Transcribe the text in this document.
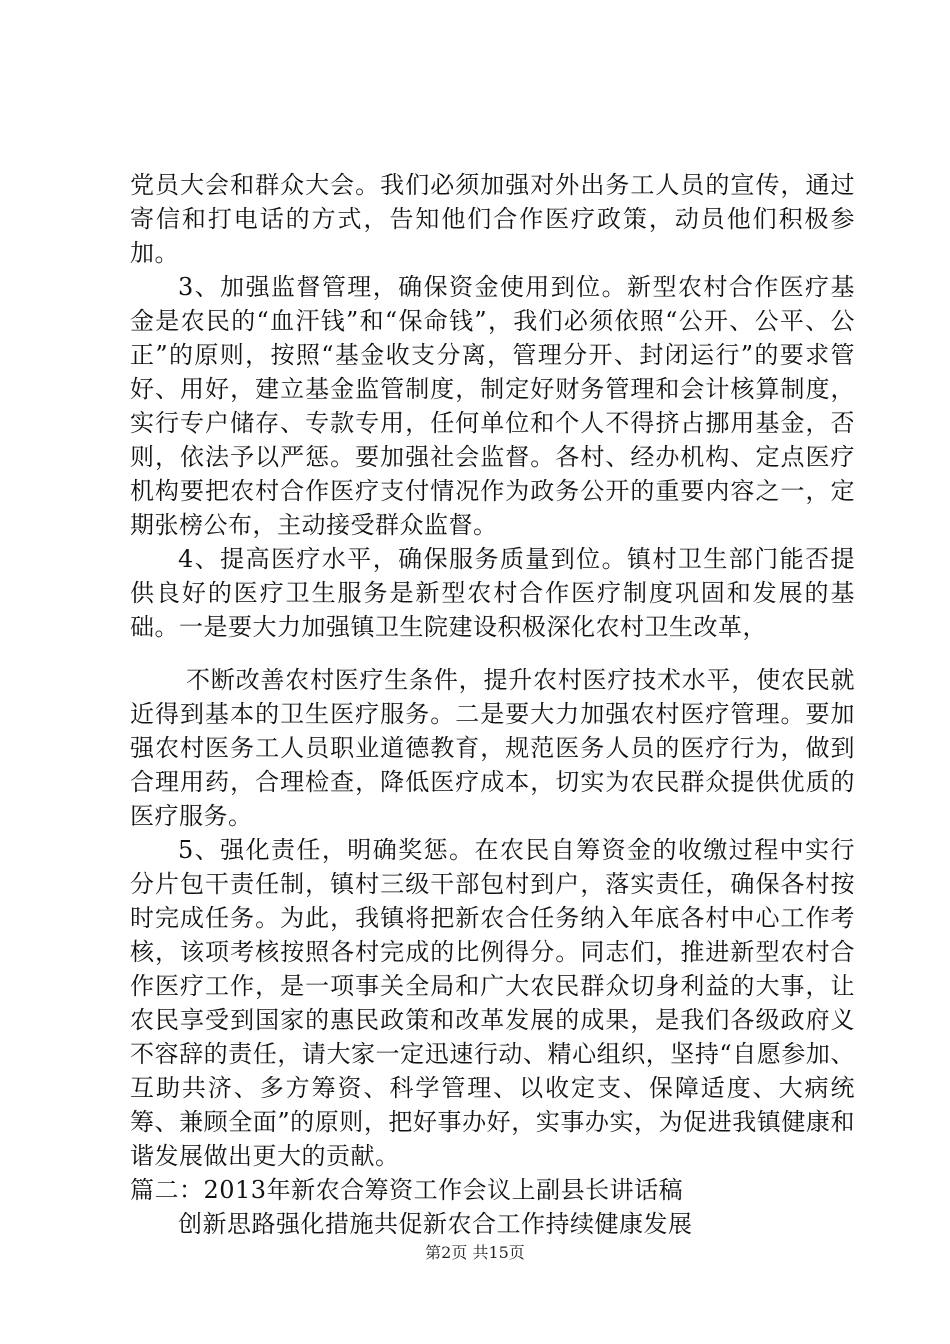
党员大会和群众大会。我们必须加强对外出务工人员的宣传，通过寄信和打电话的方式，告知他们合作医疗政策，动员他们积极参加。

3、加强监督管理，确保资金使用到位。新型农村合作医疗基金是农民的“血汗钱”和“保命钱”，我们必须依照“公开、公平、公正”的原则，按照“基金收支分离，管理分开、封闭运行”的要求管好、用好，建立基金监管制度，制定好财务管理和会计核算制度，实行专户储存、专款专用，任何单位和个人不得挤占挪用基金，否则，依法予以严惩。要加强社会监督。各村、经办机构、定点医疗机构要把农村合作医疗支付情况作为政务公开的重要内容之一，定期张榜公布，主动接受群众监督。

4、提高医疗水平，确保服务质量到位。镇村卫生部门能否提供良好的医疗卫生服务是新型农村合作医疗制度巩固和发展的基础。一是要大力加强镇卫生院建设积极深化农村卫生改革，

不断改善农村医疗生条件，提升农村医疗技术水平，使农民就近得到基本的卫生医疗服务。二是要大力加强农村医疗管理。要加强农村医务工人员职业道德教育，规范医务人员的医疗行为，做到合理用药，合理检查，降低医疗成本，切实为农民群众提供优质的医疗服务。

5、强化责任，明确奖惩。在农民自筹资金的收缴过程中实行分片包干责任制，镇村三级干部包村到户，落实责任，确保各村按时完成任务。为此，我镇将把新农合任务纳入年底各村中心工作考核，该项考核按照各村完成的比例得分。同志们，推进新型农村合作医疗工作，是一项事关全局和广大农民群众切身利益的大事，让农民享受到国家的惠民政策和改革发展的成果，是我们各级政府义不容辞的责任，请大家一定迅速行动、精心组织，坚持“自愿参加、互助共济、多方筹资、科学管理、以收定支、保障适度、大病统筹、兼顾全面”的原则，把好事办好，实事办实，为促进我镇健康和谐发展做出更大的贡献。

篇二：2013年新农合筹资工作会议上副县长讲话稿

创新思路强化措施共促新农合工作持续健康发展

第2页 共15页
